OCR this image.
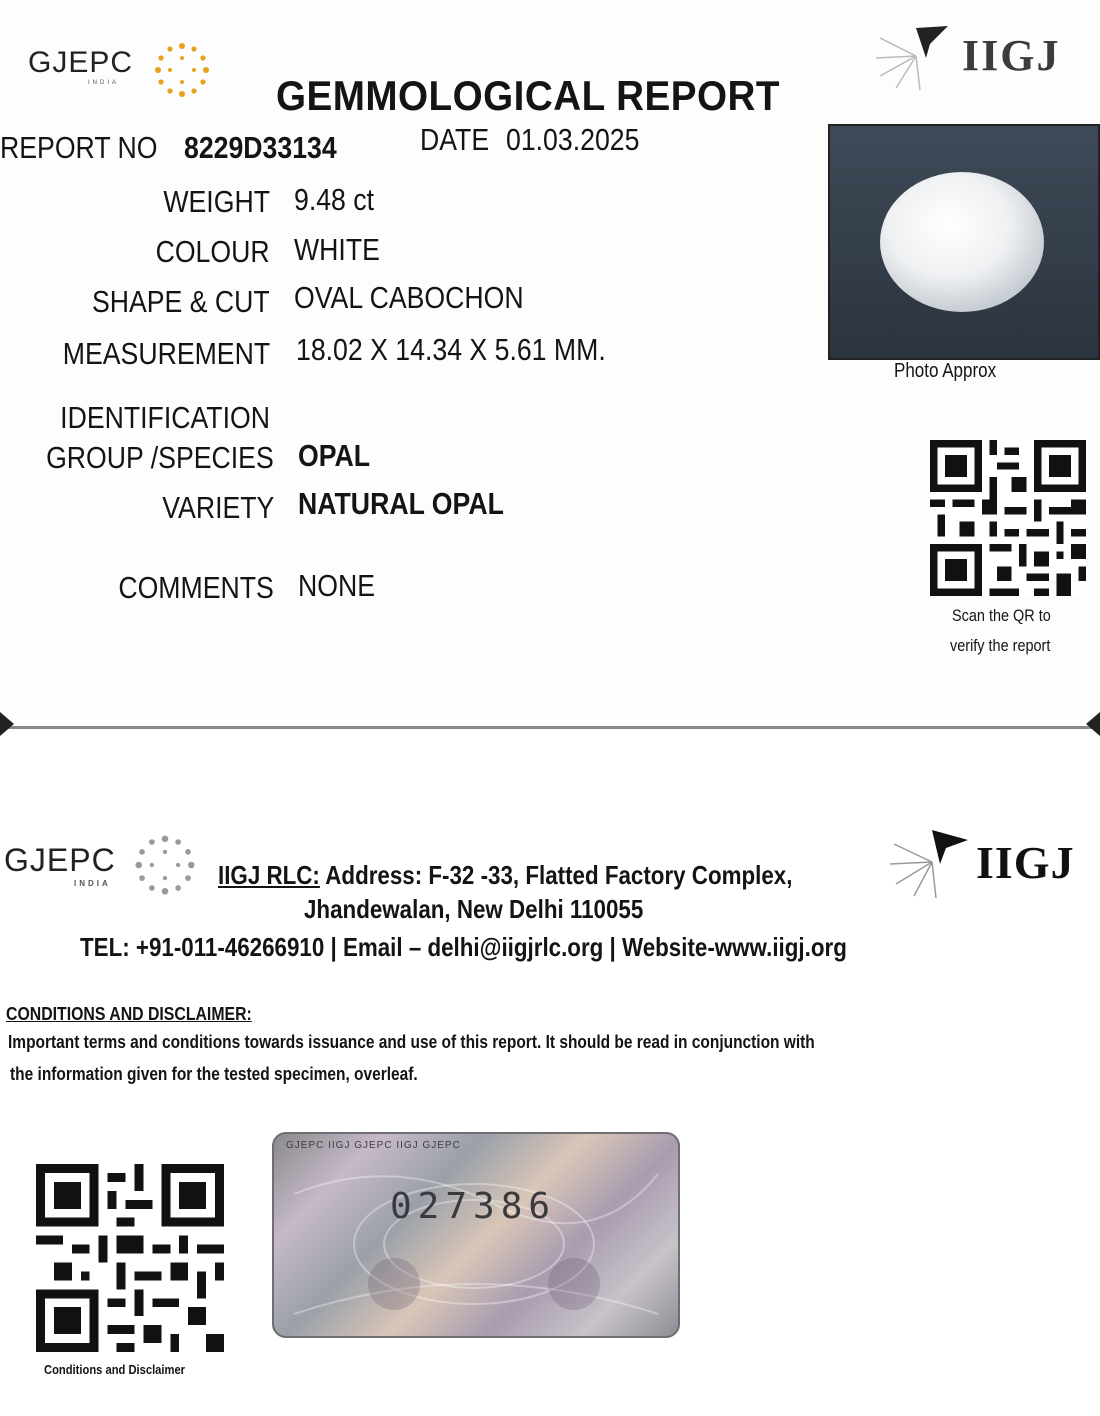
GJEPC
INDIA
IIGJ
GEMMOLOGICAL REPORT
REPORT NO 8229D33134	DATE 01.03.2025
WEIGHT 9.48 ct
COLOUR WHITE
SHAPE & CUT OVAL CABOCHON
MEASUREMENT 18.02 X 14.34 X 5.61 MM.
IDENTIFICATION
GROUP /SPECIES OPAL
VARIETY NATURAL OPAL
COMMENTS NONE
Photo Approx
Scan the QR to
verify the report
GJEPC
INDIA	IIGJ
IIGJ RLC: Address: F-32 -33, Flatted Factory Complex,
Jhandewalan, New Delhi 110055
TEL: +91-011-46266910 | Email – delhi@iigjrlc.org | Website-www.iigj.org
CONDITIONS AND DISCLAIMER:
Important terms and conditions towards issuance and use of this report. It should be read in conjunction with
the information given for the tested specimen, overleaf.
Conditions and Disclaimer
GJEPC IIGJ GJEPC IIGJ GJEPC
027386
